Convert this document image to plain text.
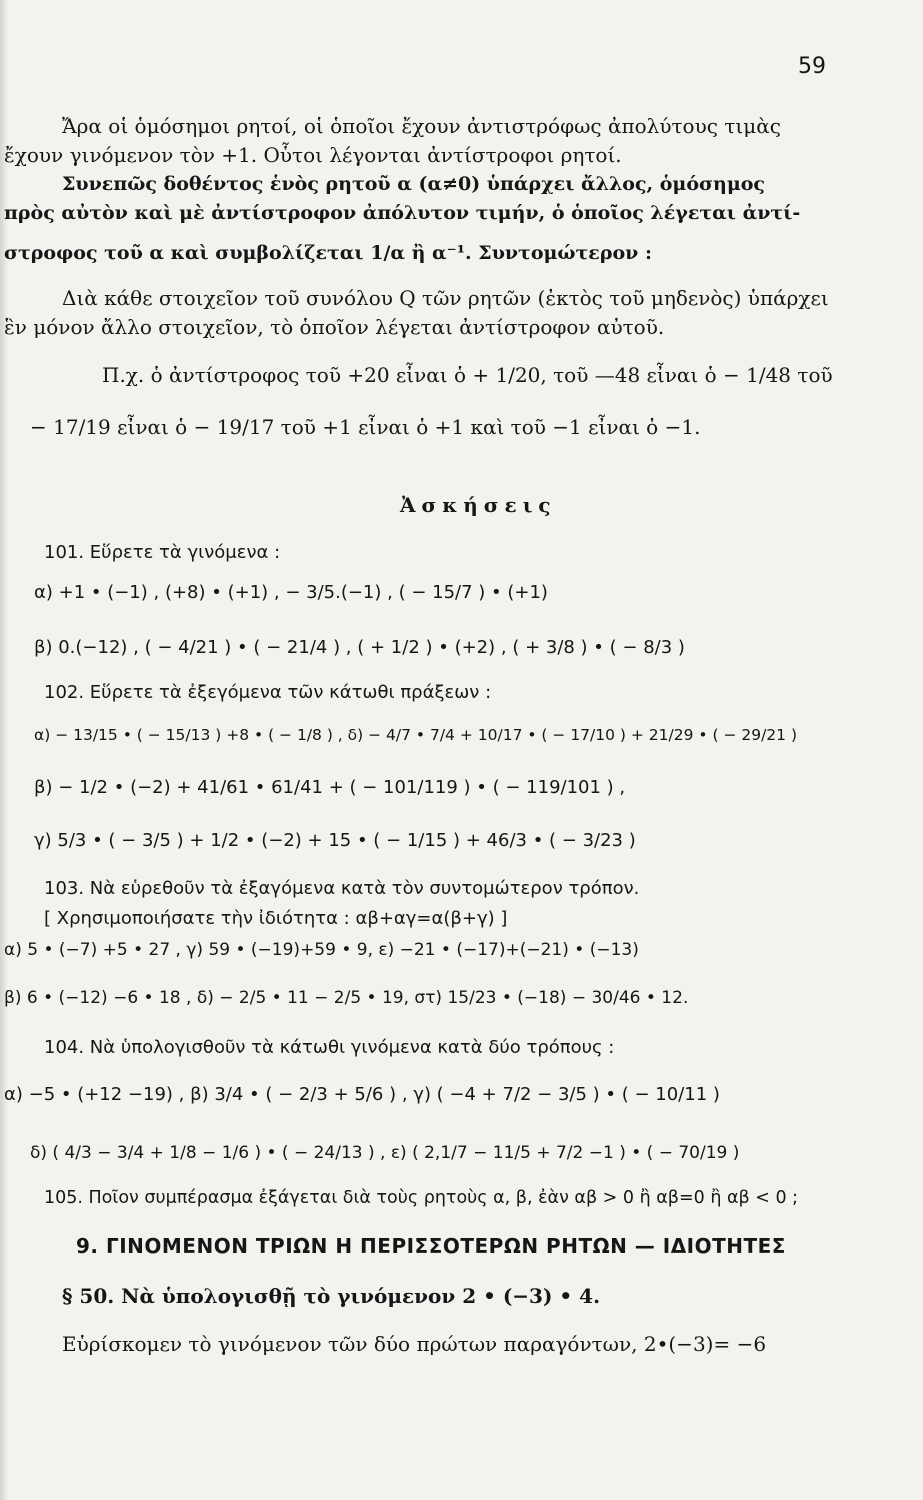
59
Ἄρα οἱ ὁμόσημοι ρητοί, οἱ ὁποῖοι ἔχουν ἀντιστρόφως ἀπολύτους τιμὰς
ἔχουν γινόμενον τὸν +1. Οὗτοι λέγονται ἀντίστροφοι ρητοί.
Συνεπῶς δοθέντος ἑνὸς ρητοῦ α (α≠0) ὑπάρχει ἄλλος, ὁμόσημος
πρὸς αὐτὸν καὶ μὲ ἀντίστροφον ἀπόλυτον τιμήν, ὁ ὁποῖος λέγεται ἀντί-
στροφος τοῦ α καὶ συμβολίζεται 1/α ἢ α⁻¹. Συντομώτερον :
Διὰ κάθε στοιχεῖον τοῦ συνόλου Q τῶν ρητῶν (ἐκτὸς τοῦ μηδενὸς) ὑπάρχει
ἓν μόνον ἄλλο στοιχεῖον, τὸ ὁποῖον λέγεται ἀντίστροφον αὐτοῦ.
Π.χ. ὁ ἀντίστροφος τοῦ +20 εἶναι ὁ + 1/20, τοῦ —48 εἶναι ὁ − 1/48 τοῦ
− 17/19 εἶναι ὁ − 19/17 τοῦ +1 εἶναι ὁ +1 καὶ τοῦ −1 εἶναι ὁ −1.
Ἀσκήσεις
101. Εὕρετε τὰ γινόμενα :
α) +1 • (−1) , (+8) • (+1) , − 3/5.(−1) , ( − 15/7 ) • (+1)
β) 0.(−12) , ( − 4/21 ) • ( − 21/4 ) , ( + 1/2 ) • (+2) , ( + 3/8 ) • ( − 8/3 )
102. Εὕρετε τὰ ἐξεγόμενα τῶν κάτωθι πράξεων :
α) − 13/15 • ( − 15/13 ) +8 • ( − 1/8 ) , δ) − 4/7 • 7/4 + 10/17 • ( − 17/10 ) + 21/29 • ( − 29/21 )
β) − 1/2 • (−2) + 41/61 • 61/41 + ( − 101/119 ) • ( − 119/101 ) ,
γ) 5/3 • ( − 3/5 ) + 1/2 • (−2) + 15 • ( − 1/15 ) + 46/3 • ( − 3/23 )
103. Νὰ εὑρεθοῦν τὰ ἐξαγόμενα κατὰ τὸν συντομώτερον τρόπον.
[ Χρησιμοποιήσατε τὴν ἰδιότητα : αβ+αγ=α(β+γ) ]
α) 5 • (−7) +5 • 27 , γ) 59 • (−19)+59 • 9, ε) −21 • (−17)+(−21) • (−13)
β) 6 • (−12) −6 • 18 , δ) − 2/5 • 11 − 2/5 • 19, στ) 15/23 • (−18) − 30/46 • 12.
104. Νὰ ὑπολογισθοῦν τὰ κάτωθι γινόμενα κατὰ δύο τρόπους :
α) −5 • (+12 −19) , β) 3/4 • ( − 2/3 + 5/6 ) , γ) ( −4 + 7/2 − 3/5 ) • ( − 10/11 )
δ) ( 4/3 − 3/4 + 1/8 − 1/6 ) • ( − 24/13 ) , ε) ( 2,1/7 − 11/5 + 7/2 −1 ) • ( − 70/19 )
105. Ποῖον συμπέρασμα ἐξάγεται διὰ τοὺς ρητοὺς α, β, ἐὰν αβ > 0 ἢ αβ=0 ἢ αβ < 0 ;
9. ΓΙΝΟΜΕΝΟΝ ΤΡΙΩΝ Η ΠΕΡΙΣΣΟΤΕΡΩΝ ΡΗΤΩΝ — ΙΔΙΟΤΗΤΕΣ
§ 50. Νὰ ὑπολογισθῇ τὸ γινόμενον 2 • (−3) • 4.
Εὑρίσκομεν τὸ γινόμενον τῶν δύο πρώτων παραγόντων, 2•(−3)= −6
